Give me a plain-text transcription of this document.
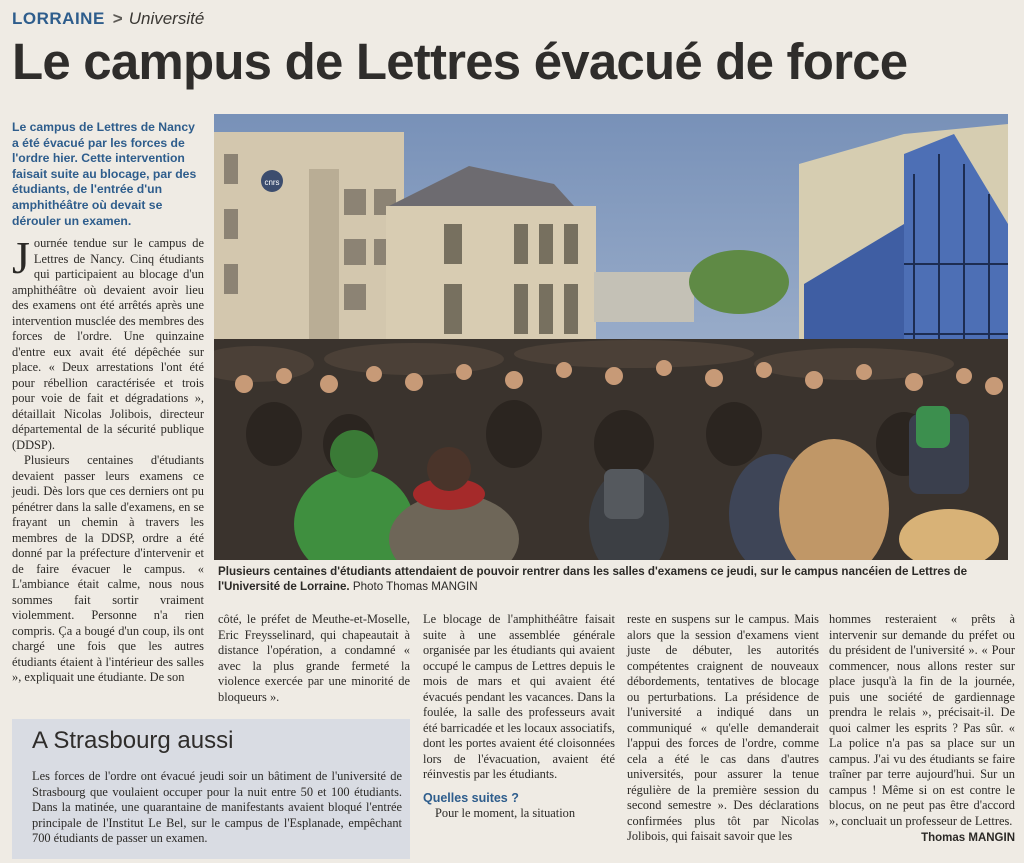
LORRAINE > Université
Le campus de Lettres évacué de force
Le campus de Lettres de Nancy a été évacué par les forces de l'ordre hier. Cette intervention faisait suite au blocage, par des étudiants, de l'entrée d'un amphithéâtre où devait se dérouler un examen.

Journée tendue sur le campus de Lettres de Nancy. Cinq étudiants qui participaient au blocage d'un amphithéâtre où devaient avoir lieu des examens ont été arrêtés après une intervention musclée des membres des forces de l'ordre. Une quinzaine d'entre eux avait été dépêchée sur place. « Deux arrestations l'ont été pour rébellion caractérisée et trois pour voie de fait et dégradations », détaillait Nicolas Jolibois, directeur départemental de la sécurité publique (DDSP).

Plusieurs centaines d'étudiants devaient passer leurs examens ce jeudi. Dès lors que ces derniers ont pu pénétrer dans la salle d'examens, en se frayant un chemin à travers les membres de la DDSP, ordre a été donné par la préfecture d'intervenir et de faire évacuer le campus. « L'ambiance était calme, nous nous sommes fait sortir vraiment violemment. Personne n'a rien compris. Ça a bougé d'un coup, ils ont chargé une fois que les autres étudiants étaient à l'intérieur des salles », expliquait une étudiante. De son

cnrs
Plusieurs centaines d'étudiants attendaient de pouvoir rentrer dans les salles d'examens ce jeudi, sur le campus nancéien de Lettres de l'Université de Lorraine. Photo Thomas MANGIN

côté, le préfet de Meuthe-et-Moselle, Eric Freysselinard, qui chapeautait à distance l'opération, a condamné « avec la plus grande fermeté la violence exercée par une minorité de bloqueurs ».

Le blocage de l'amphithéâtre faisait suite à une assemblée générale organisée par les étudiants qui avaient occupé le campus de Lettres depuis le mois de mars et qui avaient été évacués pendant les vacances. Dans la foulée, la salle des professeurs avait été barricadée et les locaux associatifs, dont les portes avaient été cloisonnées lors de l'évacuation, avaient été réinvestis par les étudiants.

Quelles suites ?

Pour le moment, la situation

reste en suspens sur le campus. Mais alors que la session d'examens vient juste de débuter, les autorités compétentes craignent de nouveaux débordements, tentatives de blocage ou perturbations. La présidence de l'université a indiqué dans un communiqué « qu'elle demanderait l'appui des forces de l'ordre, comme cela a été le cas dans d'autres universités, pour assurer la tenue régulière de la première session du second semestre ». Des déclarations confirmées plus tôt par Nicolas Jolibois, qui faisait savoir que les

hommes resteraient « prêts à intervenir sur demande du préfet ou du président de l'université ». « Pour commencer, nous allons rester sur place jusqu'à la fin de la journée, puis une société de gardiennage prendra le relais », précisait-il. De quoi calmer les esprits ? Pas sûr. « La police n'a pas sa place sur un campus. J'ai vu des étudiants se faire traîner par terre aujourd'hui. Sur un campus ! Même si on est contre le blocus, on ne peut pas être d'accord », concluait un professeur de Lettres.

Thomas MANGIN

A Strasbourg aussi
Les forces de l'ordre ont évacué jeudi soir un bâtiment de l'université de Strasbourg que voulaient occuper pour la nuit entre 50 et 100 étudiants. Dans la matinée, une quarantaine de manifestants avaient bloqué l'entrée principale de l'Institut Le Bel, sur le campus de l'Esplanade, empêchant 700 étudiants de passer un examen.
